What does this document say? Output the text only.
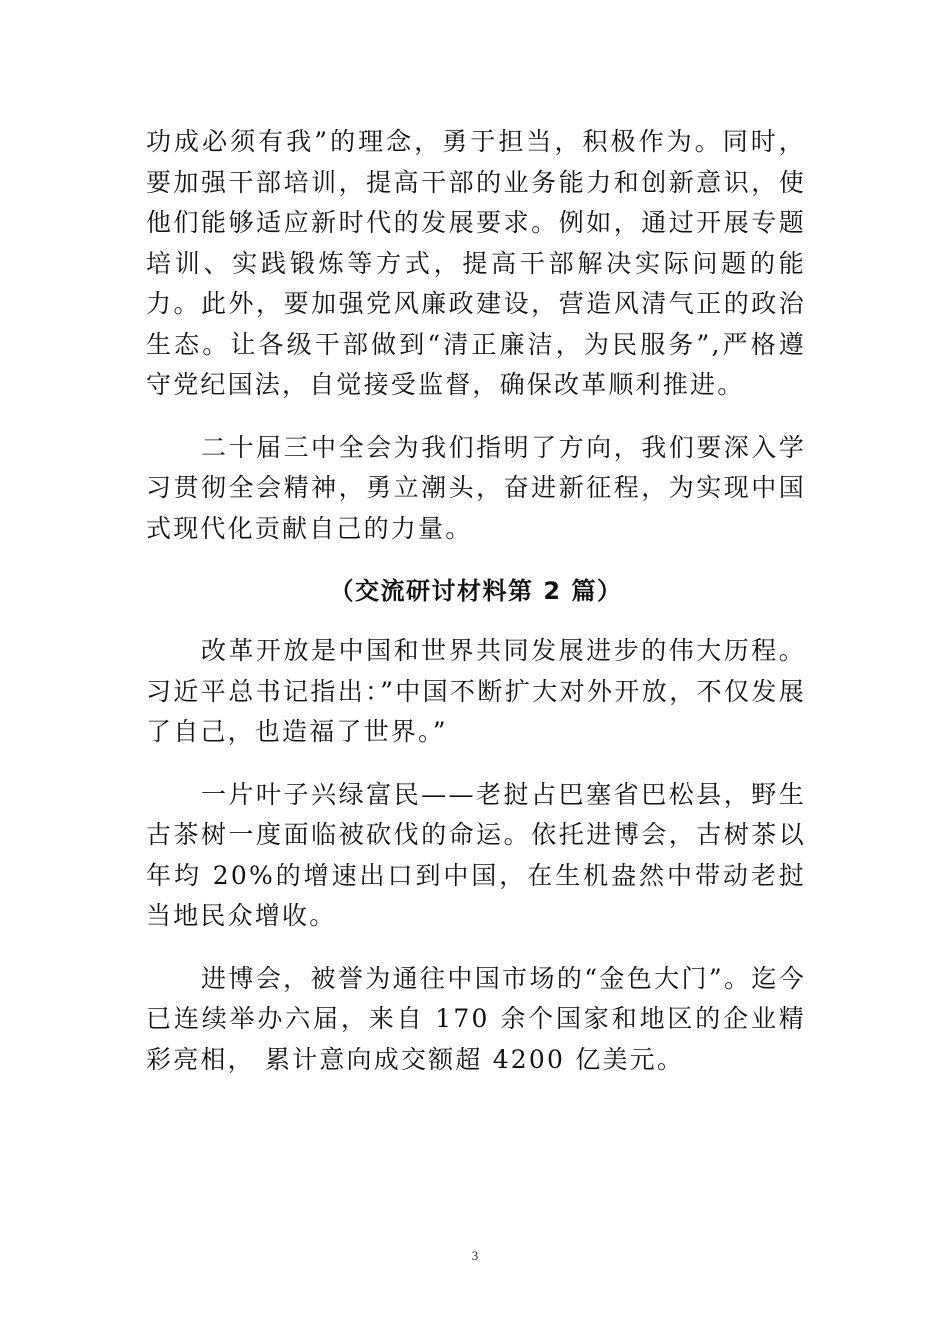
功成必须有我”的理念，勇于担当，积极作为。同时，要加强干部培训，提高干部的业务能力和创新意识，使他们能够适应新时代的发展要求。例如，通过开展专题培训、实践锻炼等方式，提高干部解决实际问题的能力。此外，要加强党风廉政建设，营造风清气正的政治生态。让各级干部做到“清正廉洁，为民服务”,严格遵守党纪国法，自觉接受监督，确保改革顺利推进。

二十届三中全会为我们指明了方向，我们要深入学习贯彻全会精神，勇立潮头，奋进新征程，为实现中国式现代化贡献自己的力量。

（交流研讨材料第 2 篇）

改革开放是中国和世界共同发展进步的伟大历程。习近平总书记指出：”中国不断扩大对外开放，不仅发展了自己，也造福了世界。”

一片叶子兴绿富民——老挝占巴塞省巴松县，野生古茶树一度面临被砍伐的命运。依托进博会，古树茶以年均 20%的增速出口到中国，在生机盎然中带动老挝当地民众增收。

进博会，被誉为通往中国市场的“金色大门”。迄今已连续举办六届，来自 170 余个国家和地区的企业精彩亮相， 累计意向成交额超 4200 亿美元。

3
